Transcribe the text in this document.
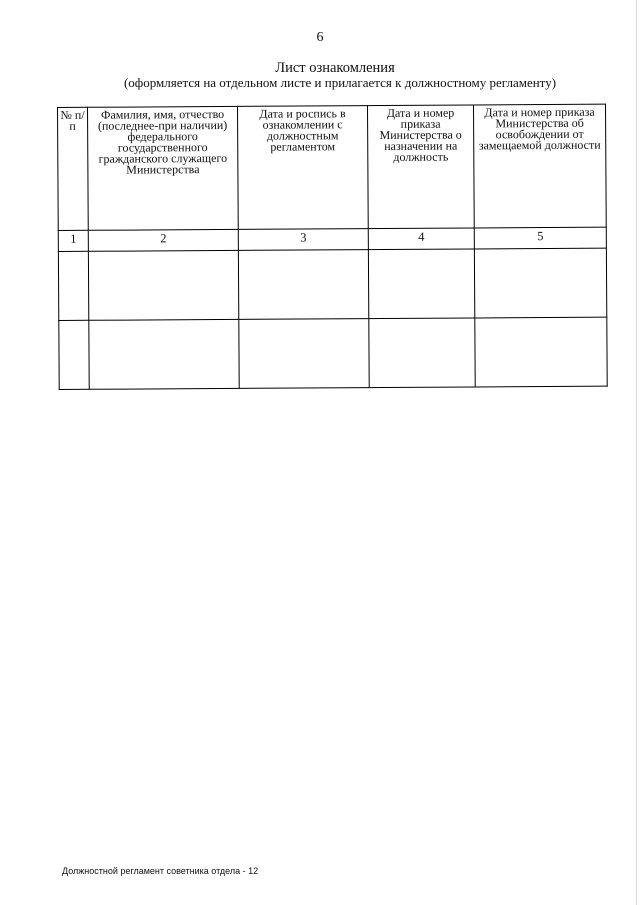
6
Лист ознакомления
(оформляется на отдельном листе и прилагается к должностному регламенту)
№ п/п	Фамилия, имя, отчество (последнее-при наличии) федерального государственного гражданского служащего Министерства	Дата и роспись в ознакомлении с должностным регламентом	Дата и номер приказа Министерства о назначении на должность	Дата и номер приказа Министерства об освобождении от замещаемой должности
1	2	3	4	5

Должностной регламент советника отдела - 12
